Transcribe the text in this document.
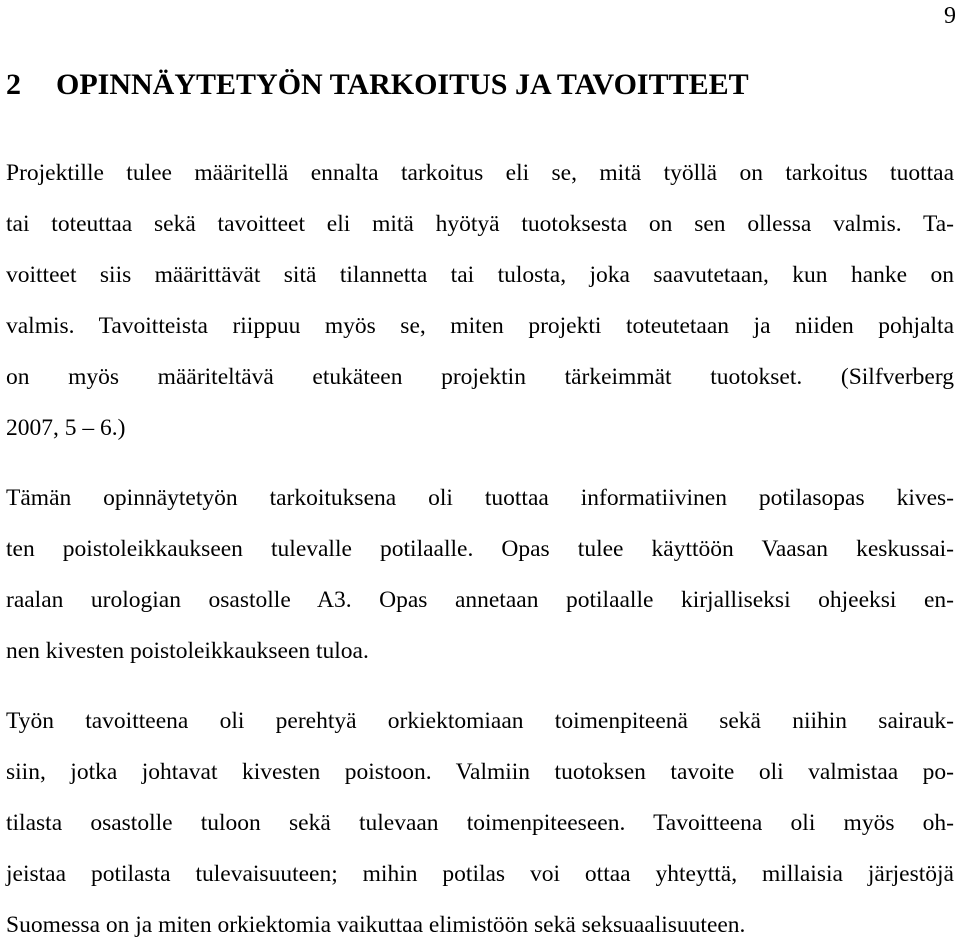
9
2 OPINNÄYTETYÖN TARKOITUS JA TAVOITTEET
Projektille tulee määritellä ennalta tarkoitus eli se, mitä työllä on tarkoitus tuottaa
tai toteuttaa sekä tavoitteet eli mitä hyötyä tuotoksesta on sen ollessa valmis. Ta-
voitteet siis määrittävät sitä tilannetta tai tulosta, joka saavutetaan, kun hanke on
valmis. Tavoitteista riippuu myös se, miten projekti toteutetaan ja niiden pohjalta
on myös määriteltävä etukäteen projektin tärkeimmät tuotokset. (Silfverberg
2007, 5 – 6.)
Tämän opinnäytetyön tarkoituksena oli tuottaa informatiivinen potilasopas kives-
ten poistoleikkaukseen tulevalle potilaalle. Opas tulee käyttöön Vaasan keskussai-
raalan urologian osastolle A3. Opas annetaan potilaalle kirjalliseksi ohjeeksi en-
nen kivesten poistoleikkaukseen tuloa.
Työn tavoitteena oli perehtyä orkiektomiaan toimenpiteenä sekä niihin sairauk-
siin, jotka johtavat kivesten poistoon. Valmiin tuotoksen tavoite oli valmistaa po-
tilasta osastolle tuloon sekä tulevaan toimenpiteeseen. Tavoitteena oli myös oh-
jeistaa potilasta tulevaisuuteen; mihin potilas voi ottaa yhteyttä, millaisia järjestöjä
Suomessa on ja miten orkiektomia vaikuttaa elimistöön sekä seksuaalisuuteen.
